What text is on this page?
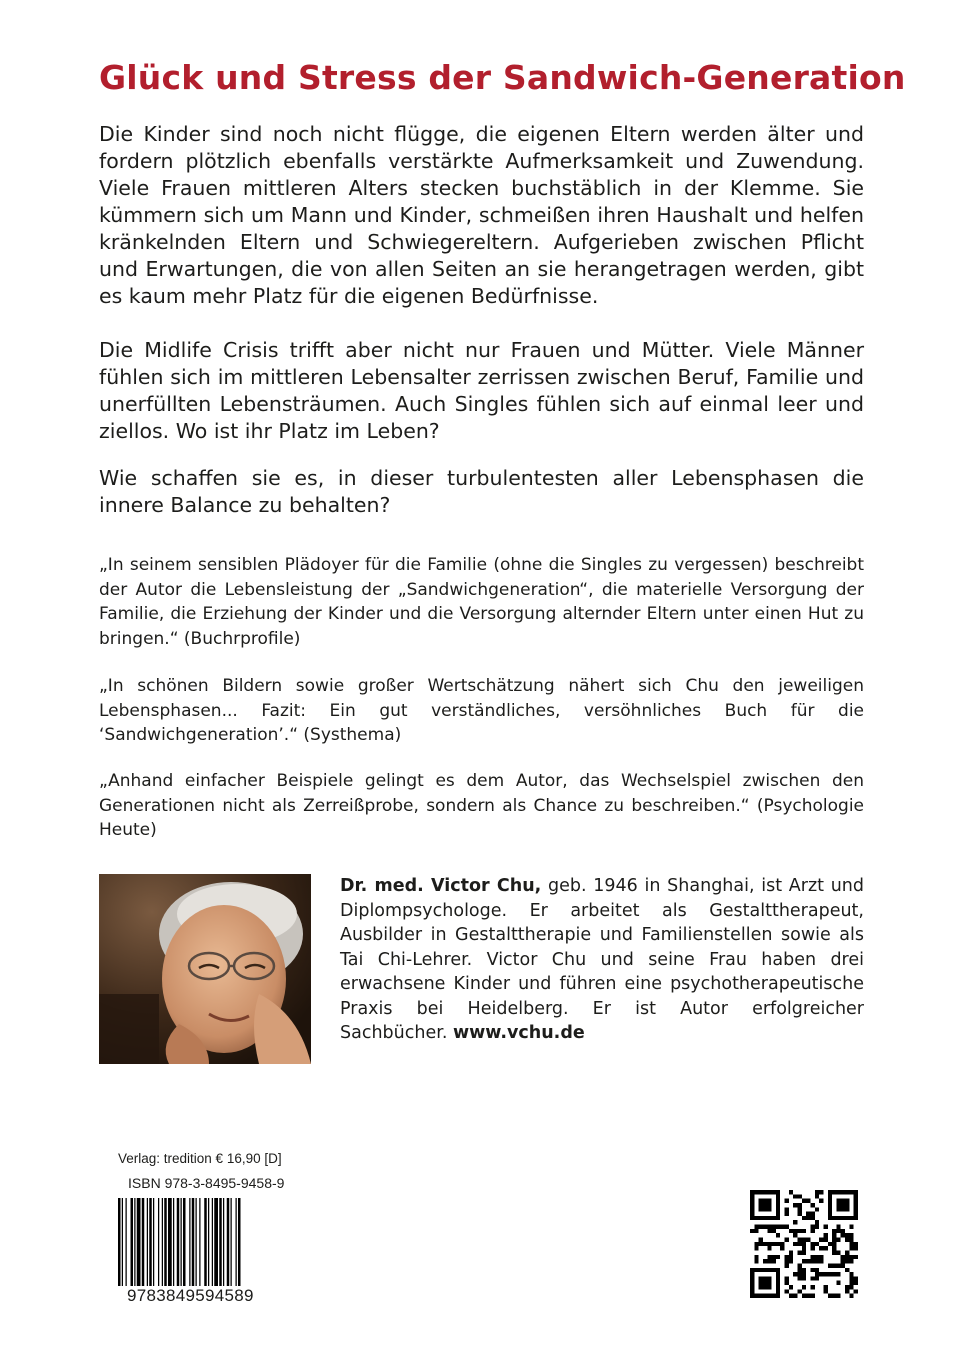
Glück und Stress der Sandwich-Generation

Die Kinder sind noch nicht flügge, die eigenen Eltern werden älter und fordern plötzlich ebenfalls verstärkte Aufmerksamkeit und Zuwendung. Viele Frauen mittleren Alters stecken buchstäblich in der Klemme. Sie kümmern sich um Mann und Kinder, schmeißen ihren Haushalt und helfen kränkelnden Eltern und Schwiegereltern. Aufgerieben zwischen Pflicht und Erwartungen, die von allen Seiten an sie herangetragen werden, gibt es kaum mehr Platz für die eigenen Bedürfnisse.

Die Midlife Crisis trifft aber nicht nur Frauen und Mütter. Viele Männer fühlen sich im mittleren Lebensalter zerrissen zwischen Beruf, Familie und unerfüllten Lebensträumen. Auch Singles fühlen sich auf einmal leer und ziellos. Wo ist ihr Platz im Leben?

Wie schaffen sie es, in dieser turbulentesten aller Lebensphasen die innere Balance zu behalten?

„In seinem sensiblen Plädoyer für die Familie (ohne die Singles zu vergessen) beschreibt der Autor die Lebensleistung der „Sandwichgeneration“, die materielle Versorgung der Familie, die Erziehung der Kinder und die Versorgung alternder Eltern unter einen Hut zu bringen.“ (Buchrprofile)

„In schönen Bildern sowie großer Wertschätzung nähert sich Chu den jeweiligen Lebensphasen... Fazit: Ein gut verständliches, versöhnliches Buch für die ‘Sandwichgeneration’.“ (Systhema)

„Anhand einfacher Beispiele gelingt es dem Autor, das Wechselspiel zwischen den Generationen nicht als Zerreißprobe, sondern als Chance zu beschreiben.“ (Psychologie Heute)

Dr. med. Victor Chu, geb. 1946 in Shanghai, ist Arzt und Diplompsychologe. Er arbeitet als Gestalttherapeut, Ausbilder in Gestalttherapie und Familienstellen sowie als Tai Chi-Lehrer. Victor Chu und seine Frau haben drei erwachsene Kinder und führen eine psychotherapeutische Praxis bei Heidelberg. Er ist Autor erfolgreicher Sachbücher. www.vchu.de

Verlag: tredition € 16,90 [D]

ISBN 978-3-8495-9458-9

9783849594589
